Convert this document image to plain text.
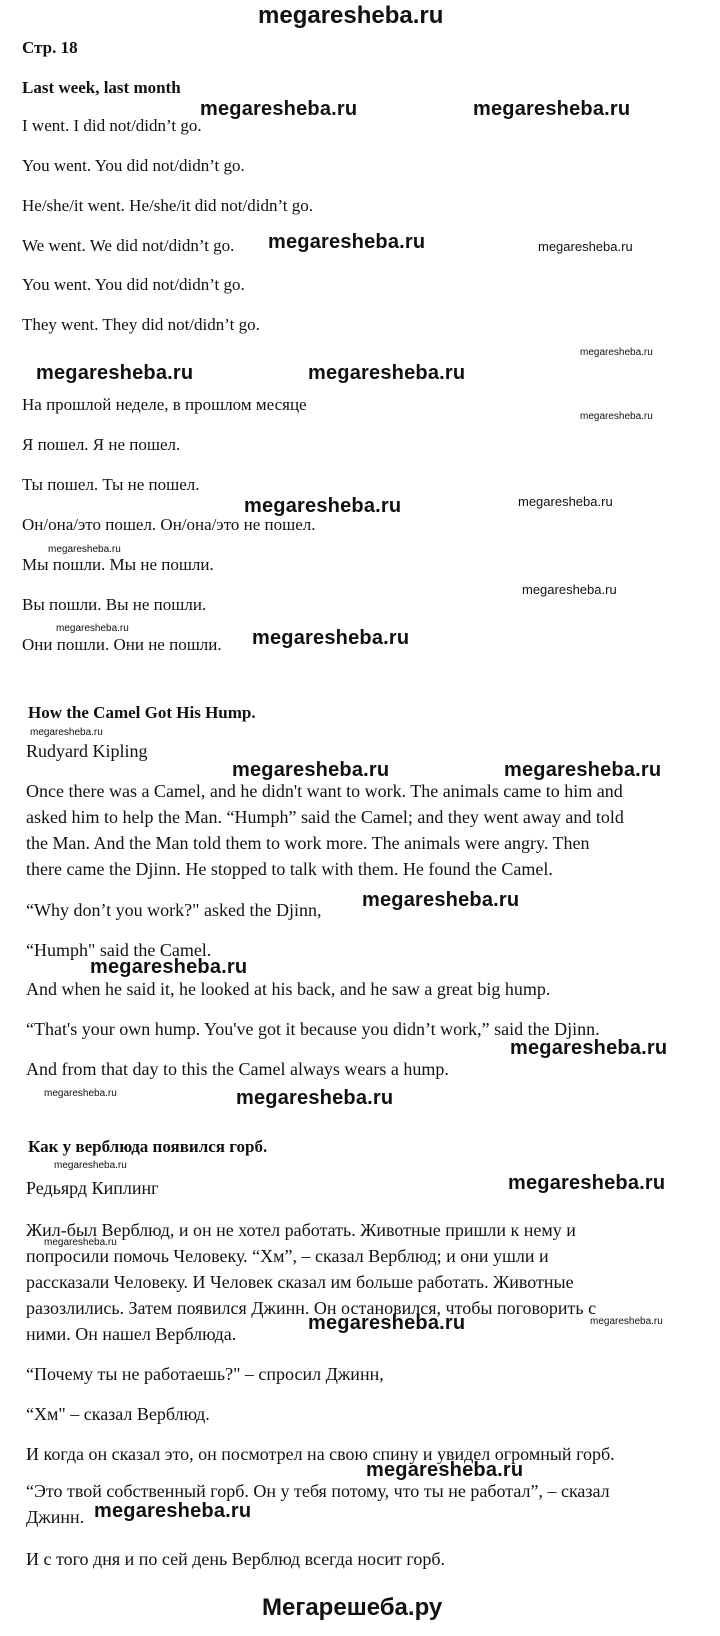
megaresheba.ru
Стр. 18
Last week, last month
I went. I did not/didn’t go.
You went. You did not/didn’t go.
He/she/it went. He/she/it did not/didn’t go.
We went. We did not/didn’t go.
You went. You did not/didn’t go.
They went. They did not/didn’t go.
На прошлой неделе, в прошлом месяце
Я пошел. Я не пошел.
Ты пошел. Ты не пошел.
Он/она/это пошел. Он/она/это не пошел.
Мы пошли. Мы не пошли.
Вы пошли. Вы не пошли.
Они пошли. Они не пошли.
How the Camel Got His Hump.
Rudyard Kipling
Once there was a Camel, and he didn't want to work. The animals came to him and
asked him to help the Man. “Humph” said the Camel; and they went away and told
the Man. And the Man told them to work more. The animals were angry. Then
there came the Djinn. He stopped to talk with them. He found the Camel.
“Why don’t you work?" asked the Djinn,
“Humph" said the Camel.
And when he said it, he looked at his back, and he saw a great big hump.
“That's your own hump. You've got it because you didn’t work,” said the Djinn.
And from that day to this the Camel always wears a hump.
Как у верблюда появился горб.
Редьярд Киплинг
Жил-был Верблюд, и он не хотел работать. Животные пришли к нему и
попросили помочь Человеку. “Хм”, – сказал Верблюд; и они ушли и
рассказали Человеку. И Человек сказал им больше работать. Животные
разозлились. Затем появился Джинн. Он остановился, чтобы поговорить с
ними. Он нашел Верблюда.
“Почему ты не работаешь?" – спросил Джинн,
“Хм" – сказал Верблюд.
И когда он сказал это, он посмотрел на свою спину и увидел огромный горб.
“Это твой собственный горб. Он у тебя потому, что ты не работал”, – сказал
Джинн.
И с того дня и по сей день Верблюд всегда носит горб.
Мегарешеба.ру
megaresheba.ru	megaresheba.ru
megaresheba.ru	megaresheba.ru
megaresheba.ru
megaresheba.ru	megaresheba.ru
megaresheba.ru
megaresheba.ru	megaresheba.ru
megaresheba.ru
megaresheba.ru
megaresheba.ru	megaresheba.ru
megaresheba.ru
megaresheba.ru	megaresheba.ru
megaresheba.ru
megaresheba.ru
megaresheba.ru
megaresheba.ru	megaresheba.ru
megaresheba.ru
megaresheba.ru
megaresheba.ru
megaresheba.ru	megaresheba.ru
megaresheba.ru
megaresheba.ru
